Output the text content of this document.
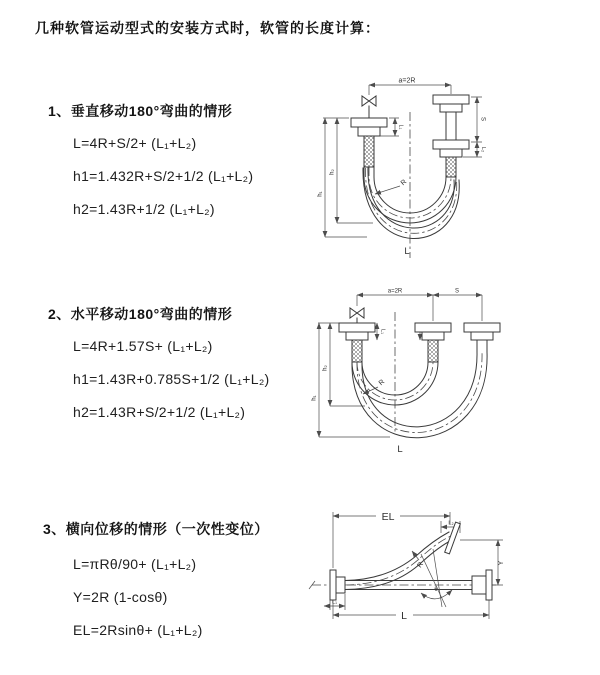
几种软管运动型式的安装方式时，软管的长度计算：
1、垂直移动180°弯曲的情形
L=4R+S/2+ (L₁+L₂)
h1=1.432R+S/2+1/2 (L₁+L₂)
h2=1.43R+1/2 (L₁+L₂)
a=2R
S
L₂
L₁
h₂
h₁
R
L
2、水平移动180°弯曲的情形
L=4R+1.57S+ (L₁+L₂)
h1=1.43R+0.785S+1/2 (L₁+L₂)
h2=1.43R+S/2+1/2 (L₁+L₂)
a=2R	S
L₁
h₂
h₁
R
L
3、横向位移的情形（一次性变位）
L=πRθ/90+ (L₁+L₂)
Y=2R (1-cosθ)
EL=2Rsinθ+ (L₁+L₂)
EL
L₂
Y
L
L₁
θ
R
